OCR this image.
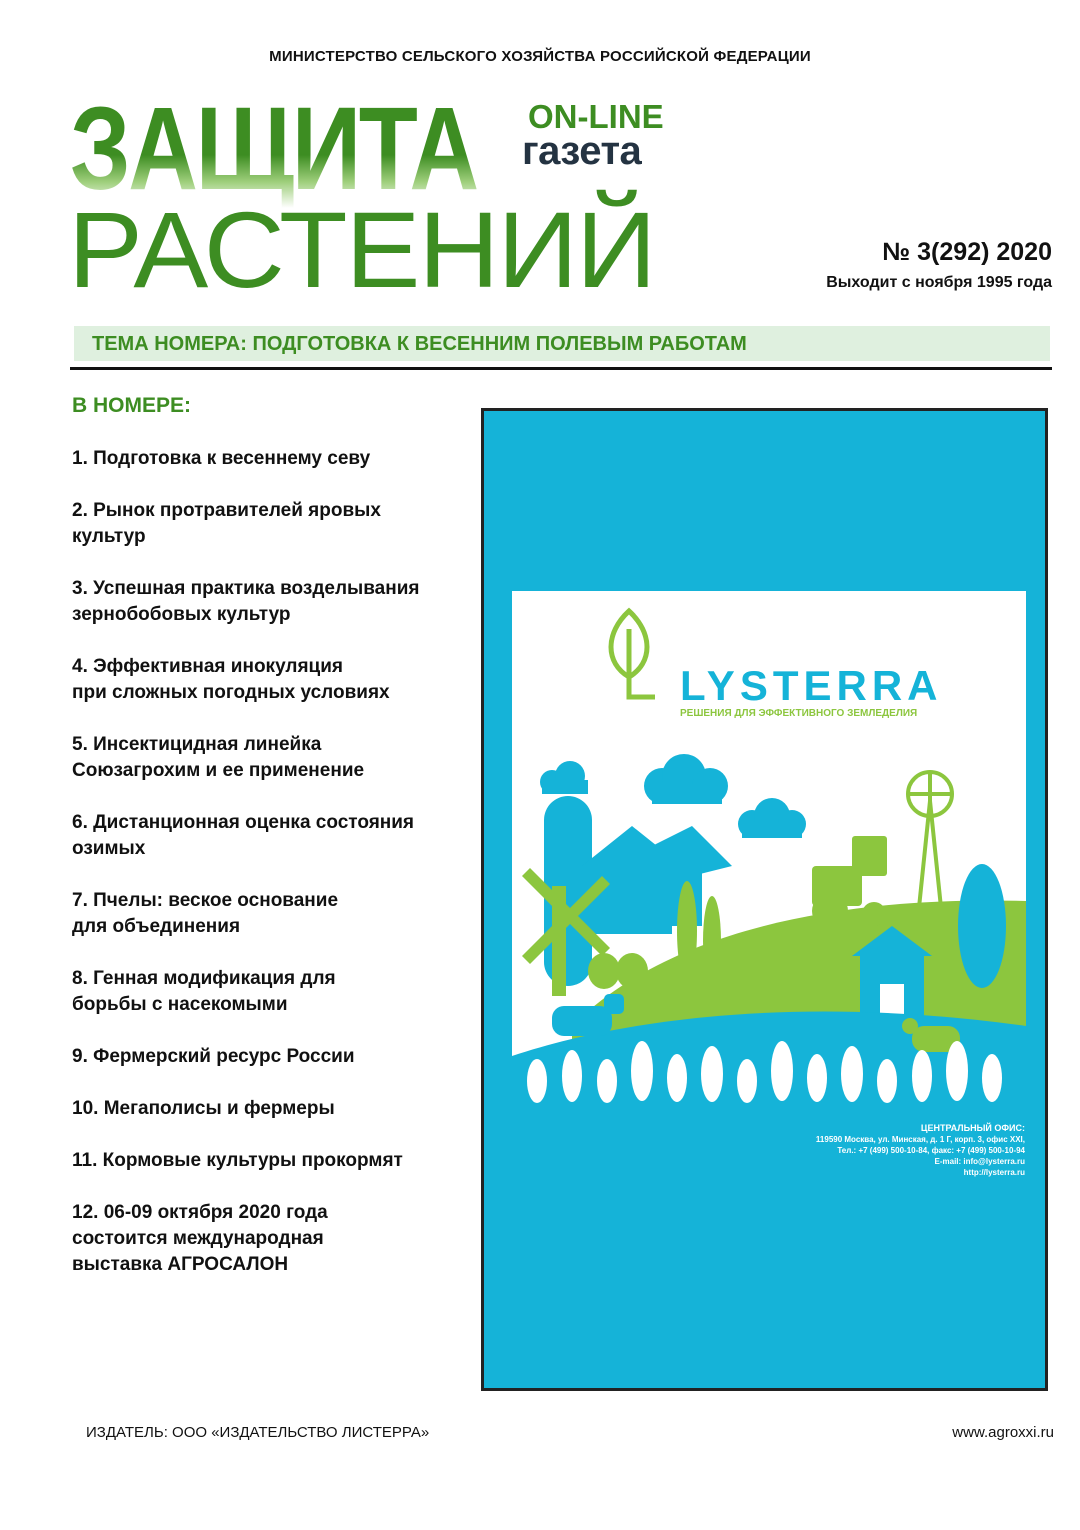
МИНИСТЕРСТВО СЕЛЬСКОГО ХОЗЯЙСТВА РОССИЙСКОЙ ФЕДЕРАЦИИ
ЗАЩИТА
РАСТЕНИЙ
ON-LINE
газета
№ 3(292) 2020
Выходит с ноября 1995 года
ТЕМА НОМЕРА: ПОДГОТОВКА К ВЕСЕННИМ ПОЛЕВЫМ РАБОТАМ
В НОМЕРЕ:
1. Подготовка к весеннему севу
2. Рынок протравителей яровых
культур
3. Успешная практика возделывания
зернобобовых культур
4. Эффективная инокуляция
при сложных погодных условиях
5. Инсектицидная линейка
Союзагрохим и ее применение
6. Дистанционная оценка состояния
озимых
7. Пчелы: веское основание
для объединения
8. Генная модификация для
борьбы с насекомыми
9. Фермерский ресурс России
10. Мегаполисы и фермеры
11. Кормовые культуры прокормят
12. 06-09 октября 2020 года
состоится международная
выставка АГРОСАЛОН
LYSTERRA
РЕШЕНИЯ ДЛЯ ЭФФЕКТИВНОГО ЗЕМЛЕДЕЛИЯ
ЦЕНТРАЛЬНЫЙ ОФИС:
119590 Москва, ул. Минская, д. 1 Г, корп. 3, офис XXI,
Тел.: +7 (499) 500-10-84, факс: +7 (499) 500-10-94
E-mail: info@lysterra.ru
http://lysterra.ru
ИЗДАТЕЛЬ: ООО «ИЗДАТЕЛЬСТВО ЛИСТЕРРА»	www.agroxxi.ru
